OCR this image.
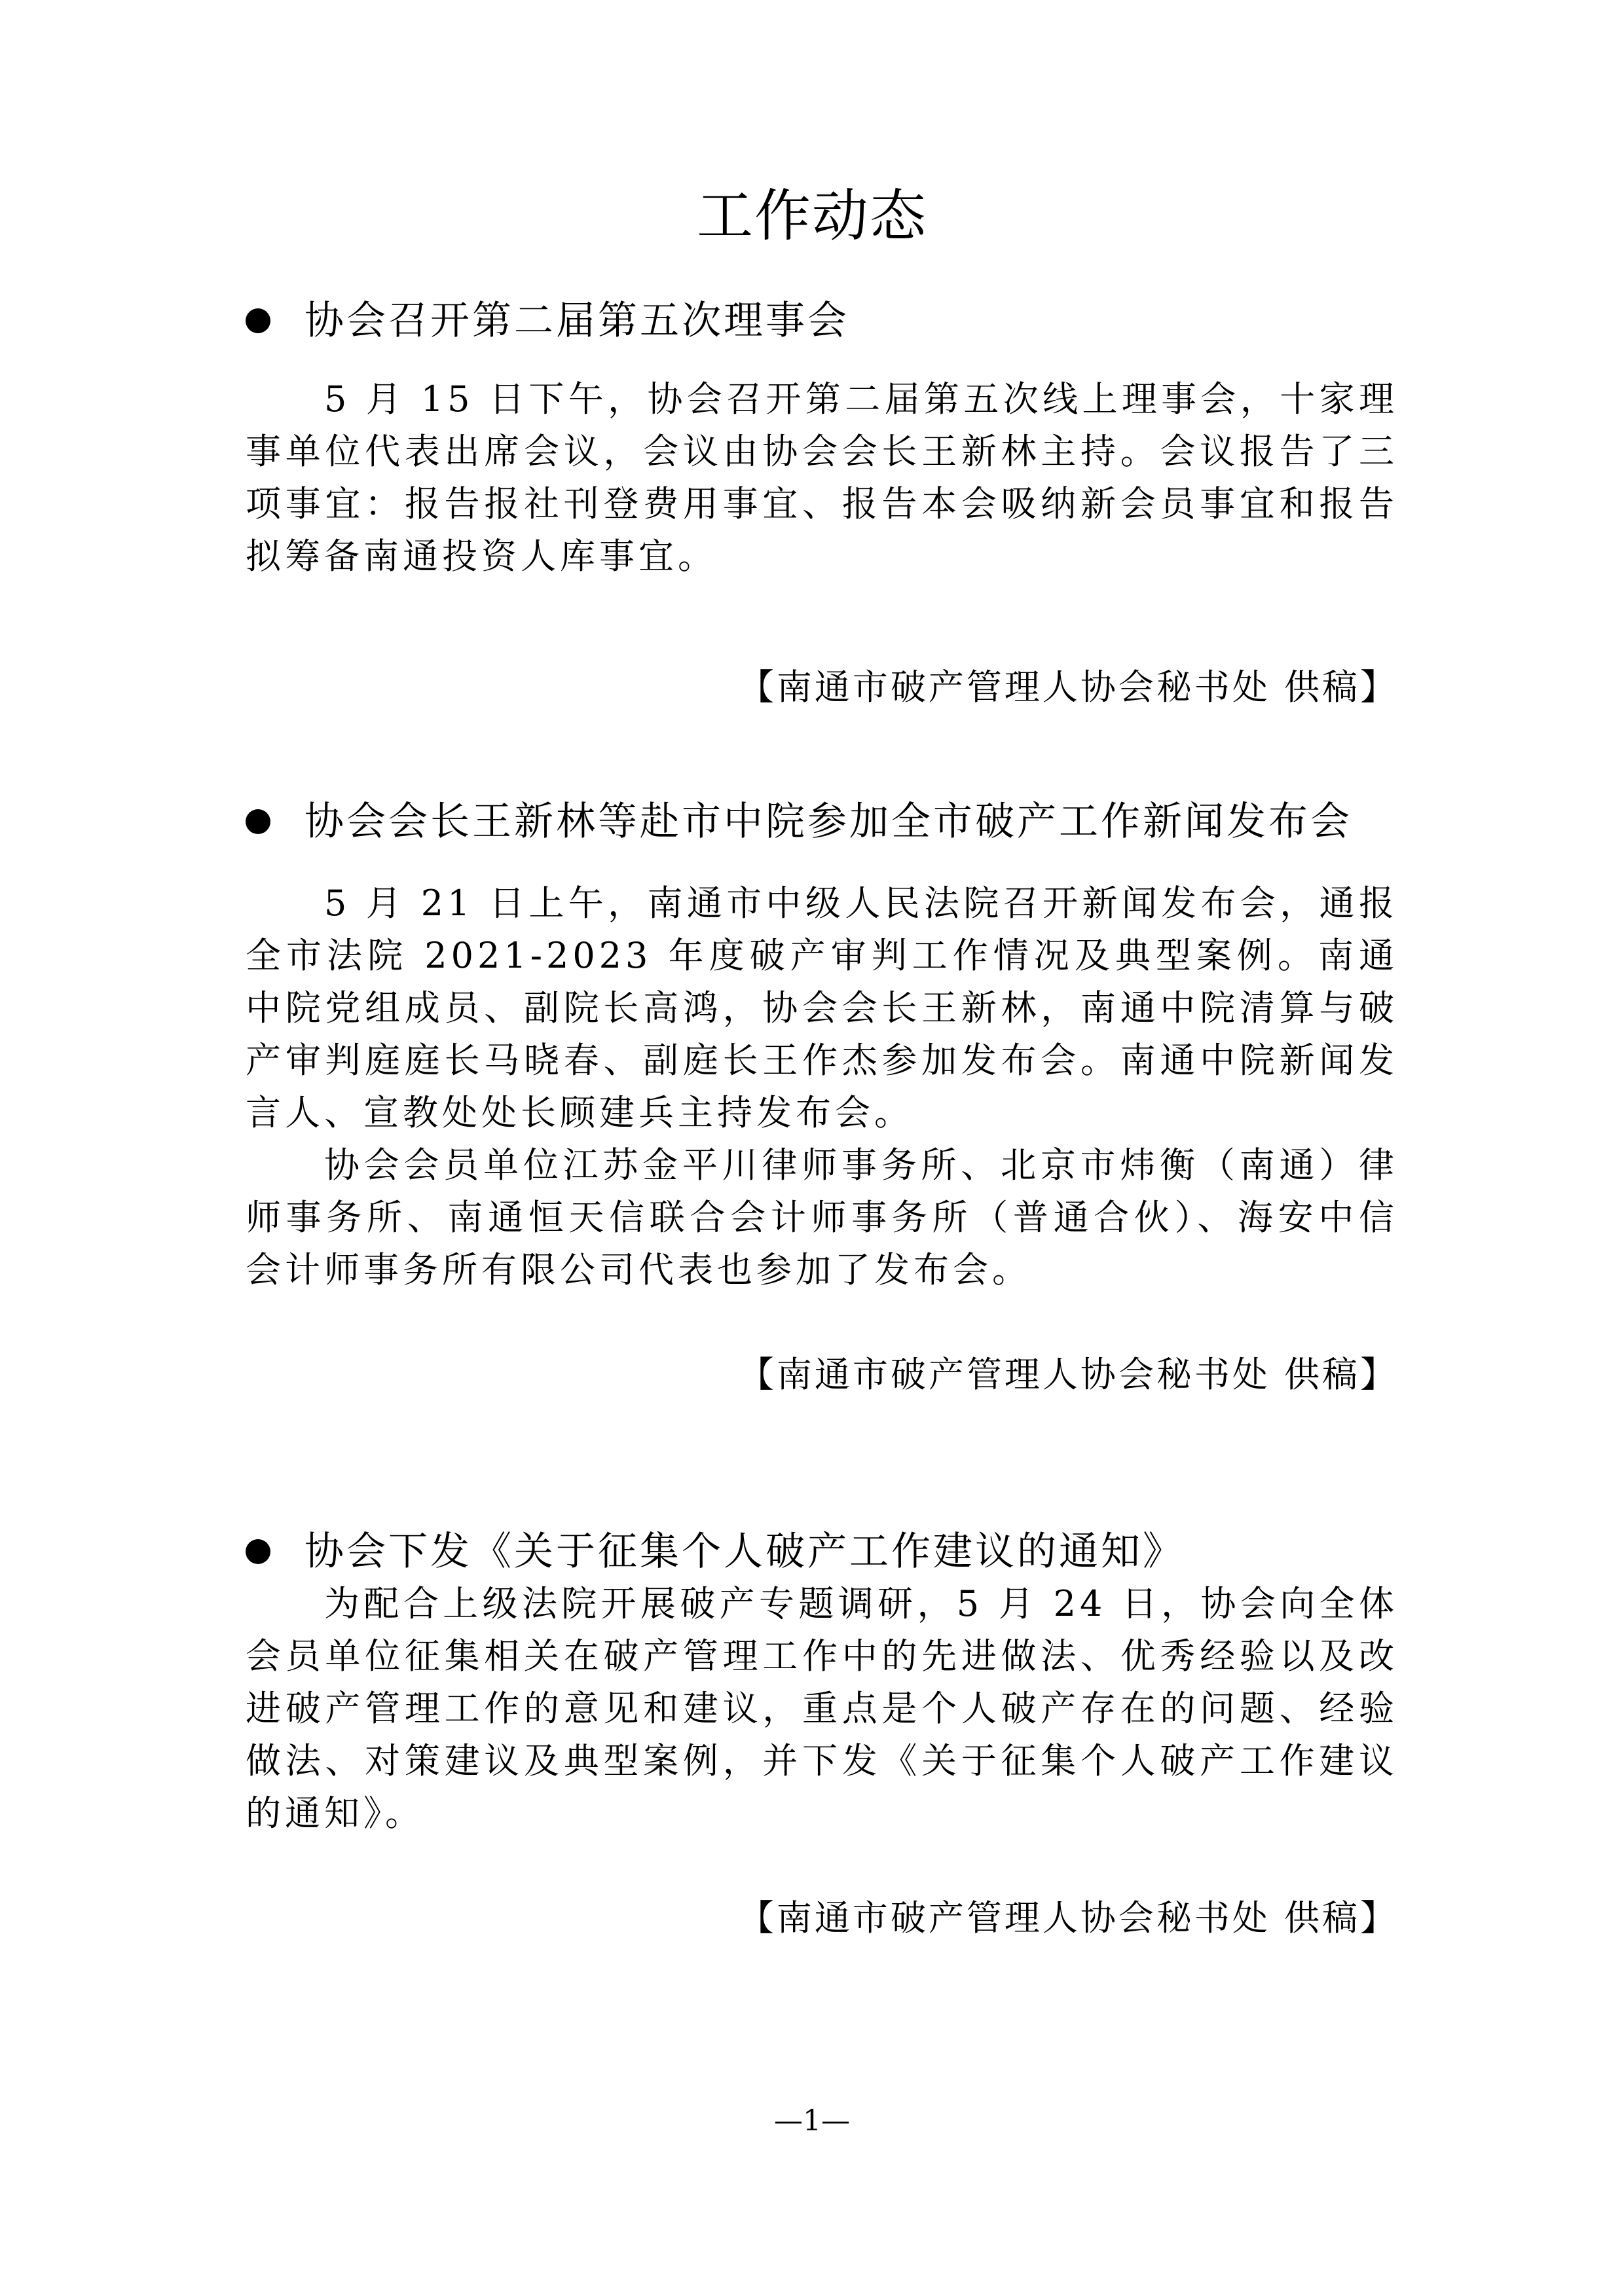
工作动态
协会召开第二届第五次理事会

5 月 15 日下午，协会召开第二届第五次线上理事会，十家理事单位代表出席会议，会议由协会会长王新林主持。会议报告了三项事宜：报告报社刊登费用事宜、报告本会吸纳新会员事宜和报告拟筹备南通投资人库事宜。

【南通市破产管理人协会秘书处 供稿】
协会会长王新林等赴市中院参加全市破产工作新闻发布会

5 月 21 日上午，南通市中级人民法院召开新闻发布会，通报全市法院 2021-2023 年度破产审判工作情况及典型案例。南通中院党组成员、副院长高鸿，协会会长王新林，南通中院清算与破产审判庭庭长马晓春、副庭长王作杰参加发布会。南通中院新闻发言人、宣教处处长顾建兵主持发布会。

协会会员单位江苏金平川律师事务所、北京市炜衡（南通）律师事务所、南通恒天信联合会计师事务所（普通合伙）、海安中信会计师事务所有限公司代表也参加了发布会。

【南通市破产管理人协会秘书处 供稿】
协会下发《关于征集个人破产工作建议的通知》

为配合上级法院开展破产专题调研，5 月 24 日，协会向全体会员单位征集相关在破产管理工作中的先进做法、优秀经验以及改进破产管理工作的意见和建议，重点是个人破产存在的问题、经验做法、对策建议及典型案例，并下发《关于征集个人破产工作建议的通知》。

【南通市破产管理人协会秘书处 供稿】
—1—
